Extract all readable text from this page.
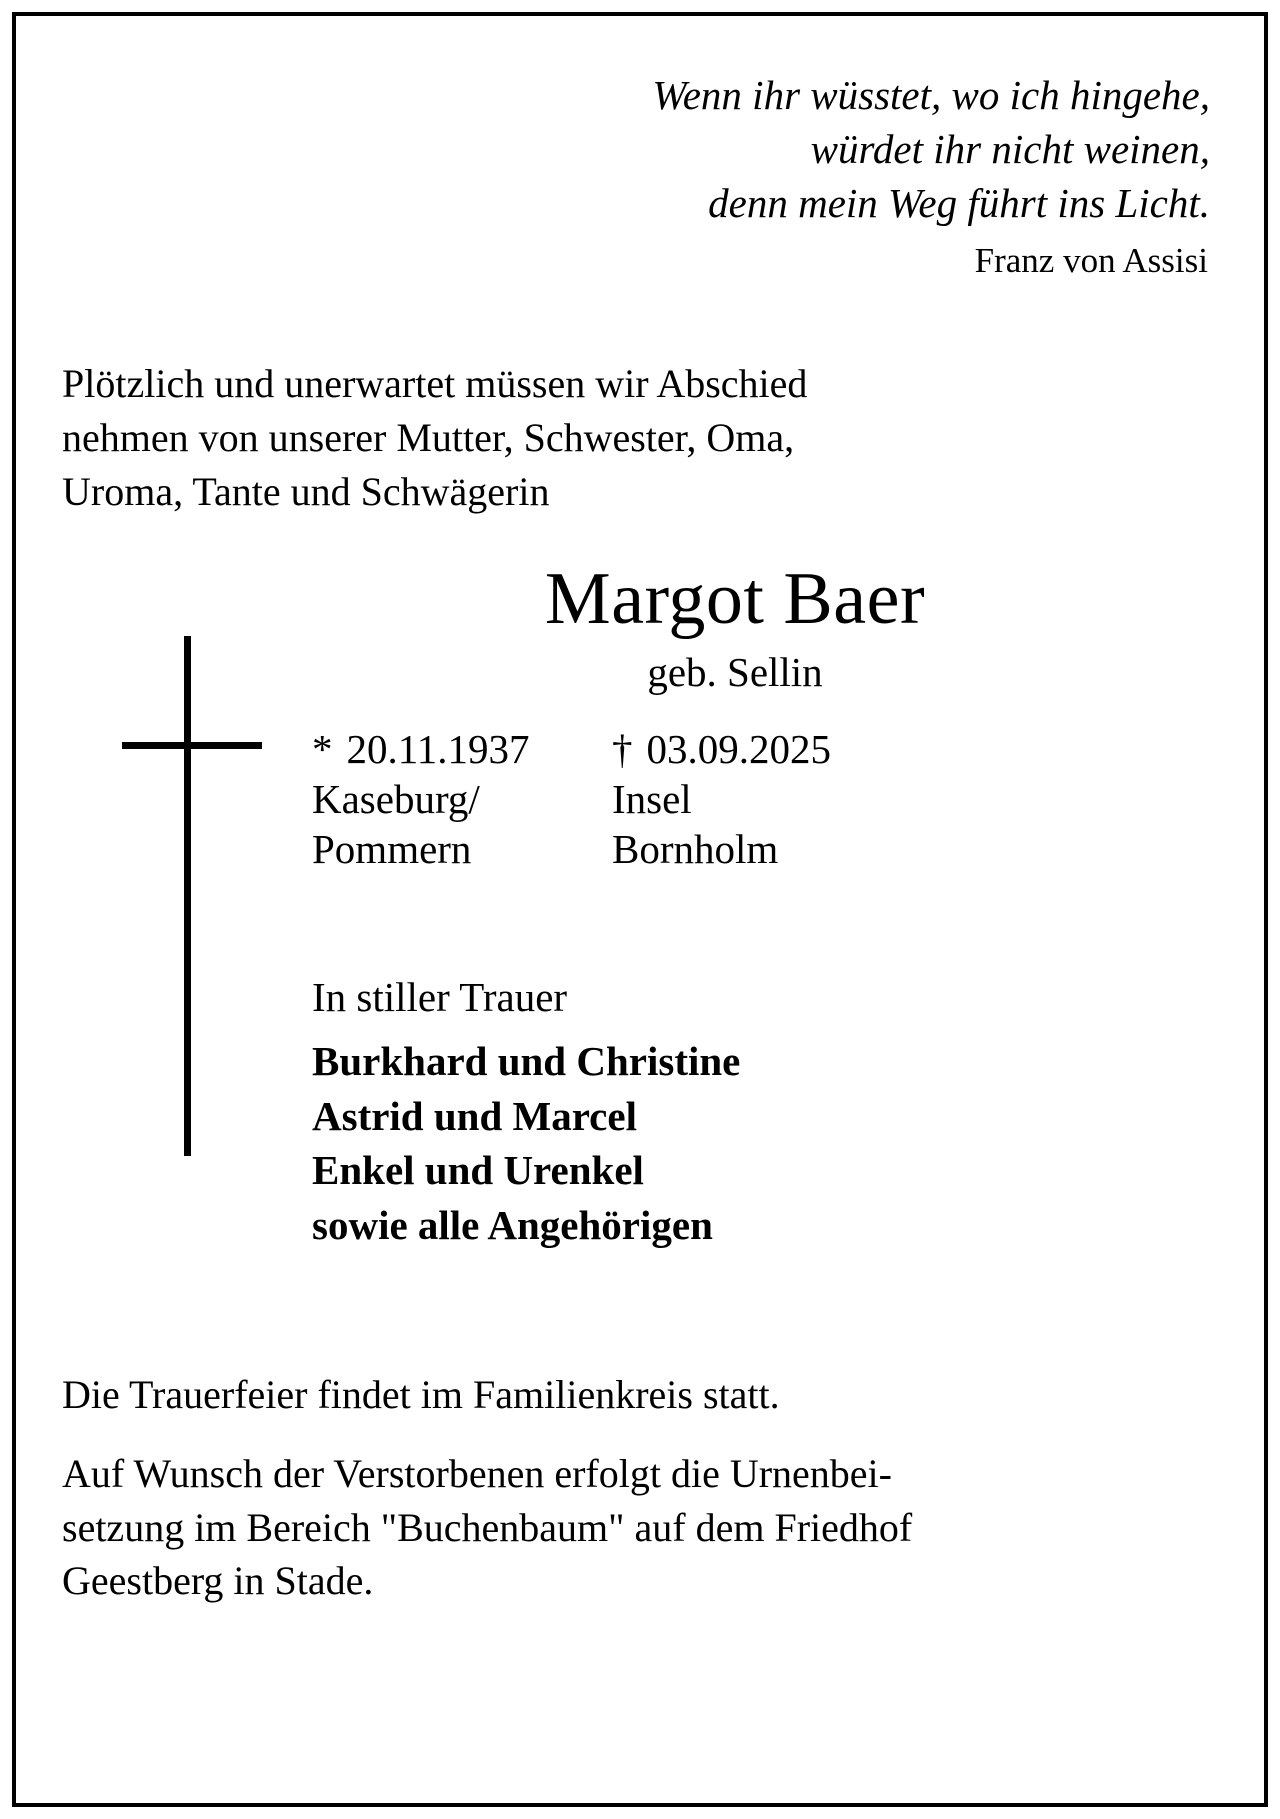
Wenn ihr wüsstet, wo ich hingehe,
würdet ihr nicht weinen,
denn mein Weg führt ins Licht.
Franz von Assisi
Plötzlich und unerwartet müssen wir Abschied
nehmen von unserer Mutter, Schwester, Oma,
Uroma, Tante und Schwägerin
Margot Baer
geb. Sellin
* 20.11.1937
Kaseburg/
Pommern
† 03.09.2025
Insel
Bornholm
In stiller Trauer
Burkhard und Christine
Astrid und Marcel
Enkel und Urenkel
sowie alle Angehörigen

Die Trauerfeier findet im Familienkreis statt.

Auf Wunsch der Verstorbenen erfolgt die Urnenbei-
setzung im Bereich "Buchenbaum" auf dem Friedhof
Geestberg in Stade.
